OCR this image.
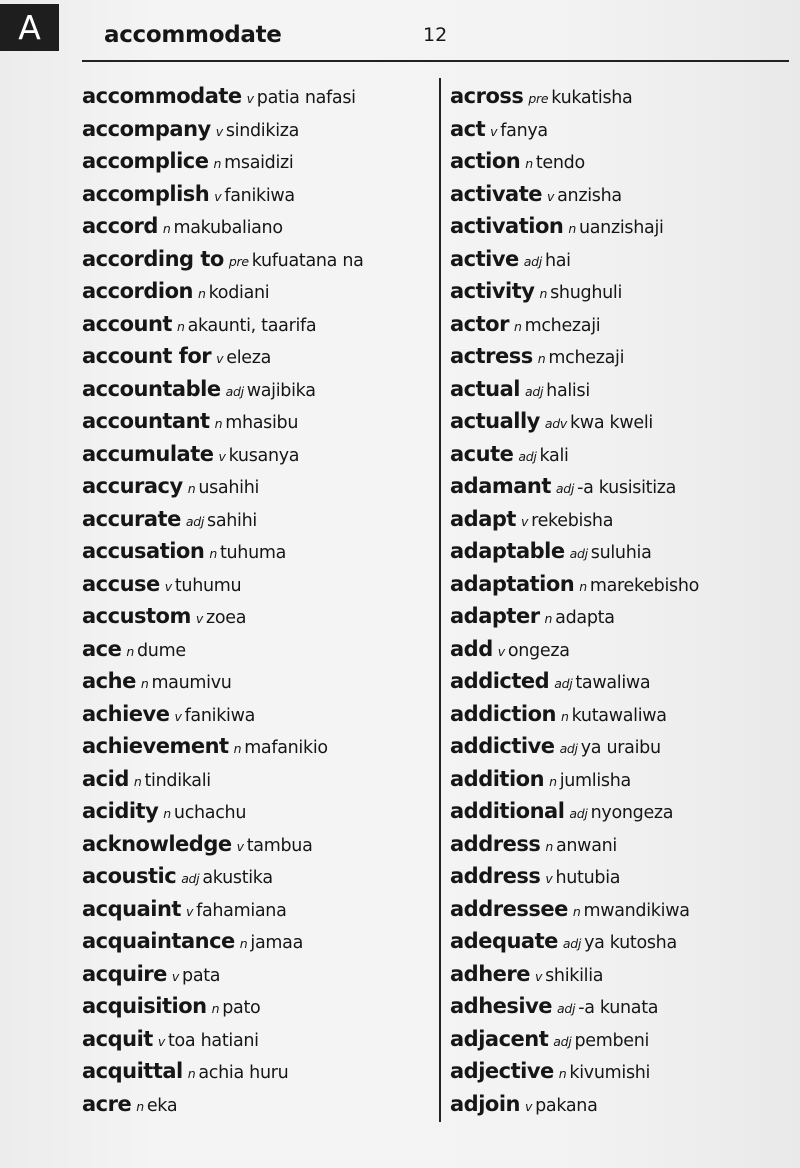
A	accommodate	12
accommodate v patia nafasi
accompany v sindikiza
accomplice n msaidizi
accomplish v fanikiwa
accord n makubaliano
according to pre kufuatana na
accordion n kodiani
account n akaunti, taarifa
account for v eleza
accountable adj wajibika
accountant n mhasibu
accumulate v kusanya
accuracy n usahihi
accurate adj sahihi
accusation n tuhuma
accuse v tuhumu
accustom v zoea
ace n dume
ache n maumivu
achieve v fanikiwa
achievement n mafanikio
acid n tindikali
acidity n uchachu
acknowledge v tambua
acoustic adj akustika
acquaint v fahamiana
acquaintance n jamaa
acquire v pata
acquisition n pato
acquit v toa hatiani
acquittal n achia huru
acre n eka
across pre kukatisha
act v fanya
action n tendo
activate v anzisha
activation n uanzishaji
active adj hai
activity n shughuli
actor n mchezaji
actress n mchezaji
actual adj halisi
actually adv kwa kweli
acute adj kali
adamant adj -a kusisitiza
adapt v rekebisha
adaptable adj suluhia
adaptation n marekebisho
adapter n adapta
add v ongeza
addicted adj tawaliwa
addiction n kutawaliwa
addictive adj ya uraibu
addition n jumlisha
additional adj nyongeza
address n anwani
address v hutubia
addressee n mwandikiwa
adequate adj ya kutosha
adhere v shikilia
adhesive adj -a kunata
adjacent adj pembeni
adjective n kivumishi
adjoin v pakana
